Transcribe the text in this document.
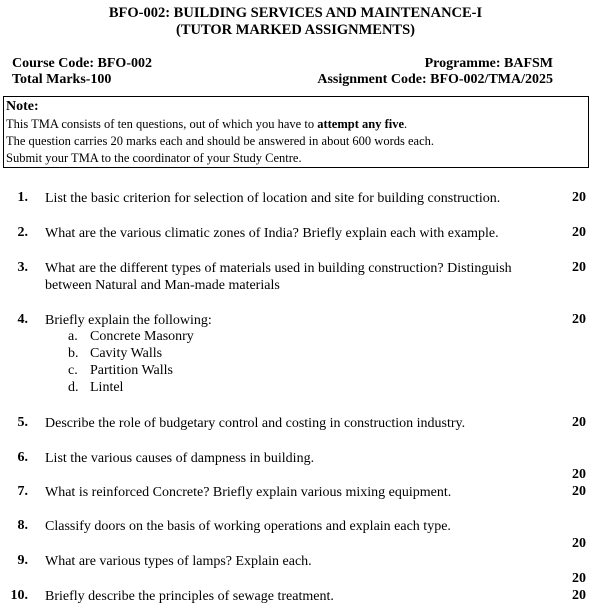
BFO-002: BUILDING SERVICES AND MAINTENANCE-I
(TUTOR MARKED ASSIGNMENTS)
Course Code: BFO-002	Programme: BAFSM
Total Marks-100	Assignment Code: BFO-002/TMA/2025
Note:
This TMA consists of ten questions, out of which you have to attempt any five.
The question carries 20 marks each and should be answered in about 600 words each.
Submit your TMA to the coordinator of your Study Centre.
1. List the basic criterion for selection of location and site for building construction.	20
2. What are the various climatic zones of India? Briefly explain each with example.	20
3. What are the different types of materials used in building construction? Distinguish between Natural and Man-made materials
20
4. Briefly explain the following:	20
a. Concrete Masonry
b. Cavity Walls
c. Partition Walls
d. Lintel
5. Describe the role of budgetary control and costing in construction industry.	20
6. List the various causes of dampness in building.
20
7. What is reinforced Concrete? Briefly explain various mixing equipment.	20
8. Classify doors on the basis of working operations and explain each type.
20
9. What are various types of lamps? Explain each.
20
10. Briefly describe the principles of sewage treatment.	20
